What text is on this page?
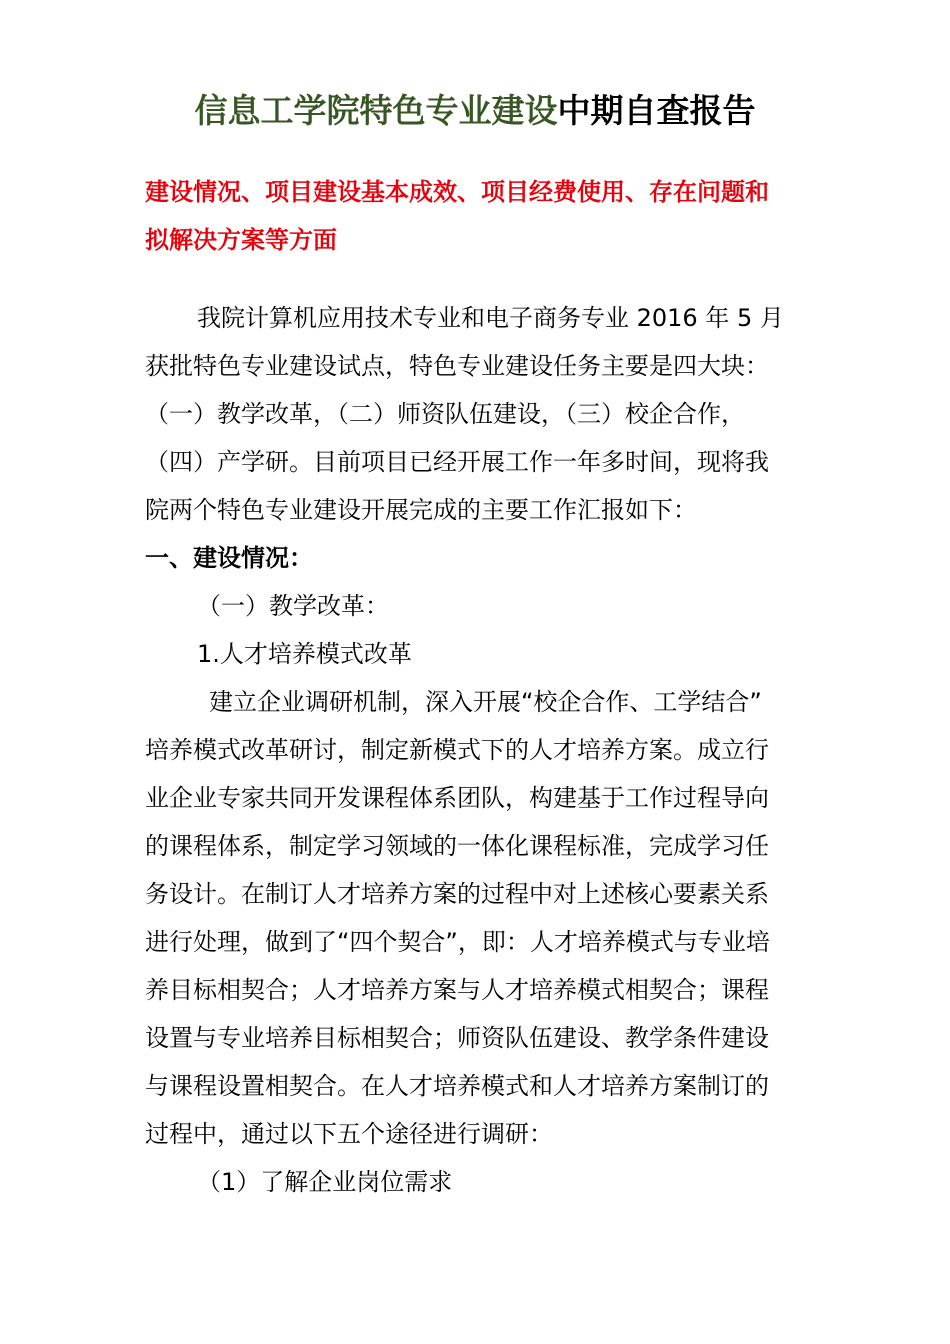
信息工学院特色专业建设中期自查报告
建设情况、项目建设基本成效、项目经费使用、存在问题和
拟解决方案等方面
我院计算机应用技术专业和电子商务专业 2016 年 5 月
获批特色专业建设试点，特色专业建设任务主要是四大块：
（一）教学改革，（二）师资队伍建设，（三）校企合作，
（四）产学研。目前项目已经开展工作一年多时间，现将我
院两个特色专业建设开展完成的主要工作汇报如下：
一、建设情况：
（一）教学改革：
1.人才培养模式改革
建立企业调研机制，深入开展“校企合作、工学结合”
培养模式改革研讨，制定新模式下的人才培养方案。成立行
业企业专家共同开发课程体系团队，构建基于工作过程导向
的课程体系，制定学习领域的一体化课程标准，完成学习任
务设计。在制订人才培养方案的过程中对上述核心要素关系
进行处理，做到了“四个契合”，即：人才培养模式与专业培
养目标相契合；人才培养方案与人才培养模式相契合；课程
设置与专业培养目标相契合；师资队伍建设、教学条件建设
与课程设置相契合。在人才培养模式和人才培养方案制订的
过程中，通过以下五个途径进行调研：
（1）了解企业岗位需求
